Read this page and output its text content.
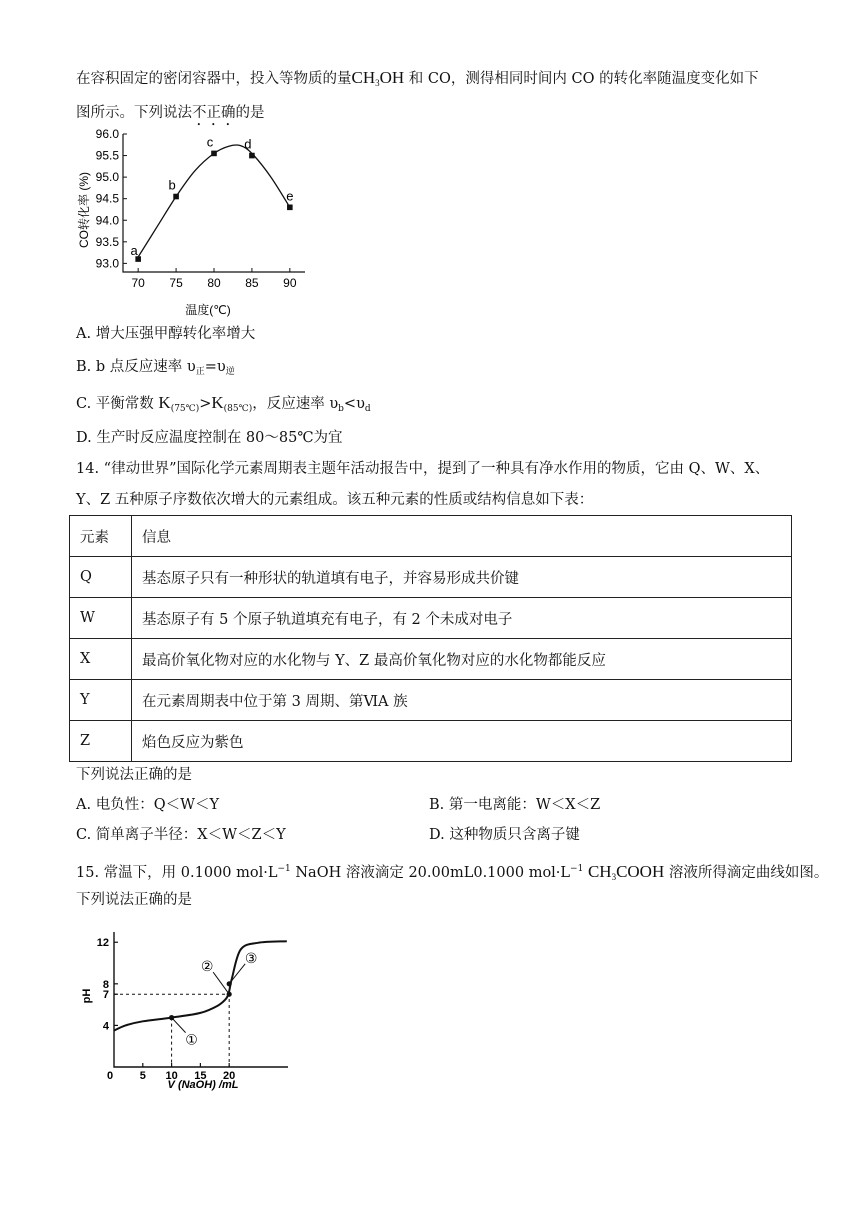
在容积固定的密闭容器中，投入等物质的量$CH_3OH$ 和 CO，测得相同时间内 CO 的转化率随温度变化如下
图所示。下列说法不正确的是
93.0
93.5
94.0
94.5
95.0
95.5
96.0
70 75 80 85 90
a
b
c d
e
CO转化率 (%)
温度(℃)
A. 增大压强甲醇转化率增大
B. b 点反应速率 $\upsilon_正=\upsilon_逆$
C. 平衡常数 $K_{(75℃)}>K_{(85℃)}$，反应速率 $\upsilon_b<\upsilon_d$
D. 生产时反应温度控制在 80～85℃为宜
14. “律动世界”国际化学元素周期表主题年活动报告中，提到了一种具有净水作用的物质，它由 Q、W、X、
Y、Z 五种原子序数依次增大的元素组成。该五种元素的性质或结构信息如下表：
元素	信息
Q	基态原子只有一种形状的轨道填有电子，并容易形成共价键
W	基态原子有 5 个原子轨道填充有电子，有 2 个未成对电子
X	最高价氧化物对应的水化物与 Y、Z 最高价氧化物对应的水化物都能反应
Y	在元素周期表中位于第 3 周期、第ⅥA 族
Z	焰色反应为紫色
下列说法正确的是
A. 电负性：Q＜W＜Y	B. 第一电离能：W＜X＜Z
C. 简单离子半径：X＜W＜Z＜Y	D. 这种物质只含离子键
15. 常温下，用 0.1000 $mol\cdot L^{-1}$ NaOH 溶液滴定 20.00mL0.1000 $mol\cdot L^{-1}$ $CH_3COOH$ 溶液所得滴定曲线如图。
下列说法正确的是
4
7
8
12
0 5 10 15 20
①
②
③
pH
V (NaOH) /mL
